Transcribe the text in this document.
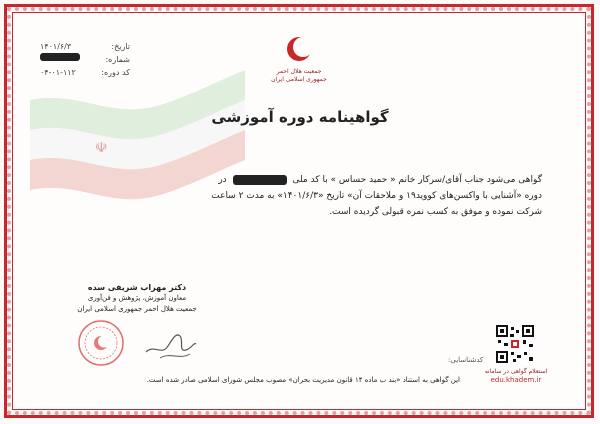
☫
تاریخ:
۱۴۰۱/۶/۳
شماره:
کد دوره:
۰۴-۰۱-۱۱۲	جمعیت هلال احمر
جمهوری اسلامی ایران
گواهینامه دوره آموزشی
گواهی می‌شود جناب آقای/سرکار خانم « حمید حساس » با کد ملی  در
دوره «آشنایی با واکسن‌های کووید۱۹ و ملاحقات آن» تاریخ «۱۴۰۱/۶/۳» به مدت ۲ ساعت
شرکت نموده و موفق به کسب نمره قبولی گردیده است.
دکتر مهراب شریفی سده
معاون آموزش، پژوهش و فن‌آوری
جمعیت هلال احمر جمهوری اسلامی ایران
کدشناسایی:
استعلام گواهی در سامانه
edu.khadem.ir
این گواهی به استناد «بند ب ماده ۱۴ قانون مدیریت بحران» مصوب مجلس شورای اسلامی صادر شده است.
